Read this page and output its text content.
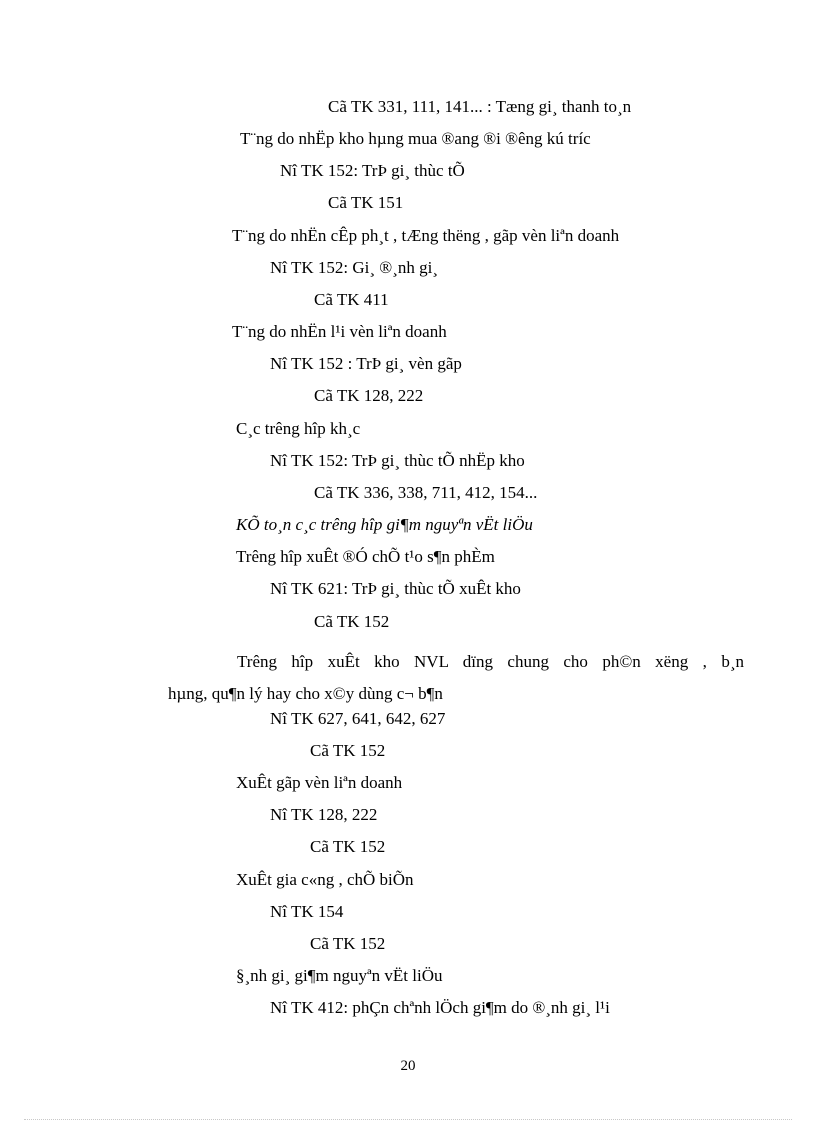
Cã TK 331, 111, 141... : Tæng gi¸ thanh to¸n
T¨ng do nhËp kho hµng mua ®ang ®i ®êng kú tríc
Nî TK 152: TrÞ gi¸ thùc tÕ
Cã TK 151
T¨ng do nhËn cÊp ph¸t , tÆng thëng , gãp vèn liªn doanh
Nî TK 152: Gi¸ ®¸nh gi¸
Cã TK 411
T¨ng do nhËn l¹i vèn liªn doanh
Nî TK 152 : TrÞ gi¸ vèn gãp
Cã TK 128, 222
C¸c trêng hîp kh¸c
Nî TK 152: TrÞ gi¸ thùc tÕ nhËp kho
Cã TK 336, 338, 711, 412, 154...
KÕ to¸n c¸c trêng hîp gi¶m nguyªn vËt liÖu
Trêng hîp xuÊt ®Ó chÕ t¹o s¶n phÈm
Nî TK 621: TrÞ gi¸ thùc tÕ xuÊt kho
Cã TK 152
Trêng hîp xuÊt kho NVL dïng chung cho ph©n xëng , b¸n
hµng, qu¶n lý hay cho x©y dùng c¬ b¶n
Nî TK 627, 641, 642, 627
Cã TK 152
XuÊt gãp vèn liªn doanh
Nî TK 128, 222
Cã TK 152
XuÊt gia c«ng , chÕ biÕn
Nî TK 154
Cã TK 152
§¸nh gi¸ gi¶m nguyªn vËt liÖu
Nî TK 412: phÇn chªnh lÖch gi¶m do ®¸nh gi¸ l¹i
20
